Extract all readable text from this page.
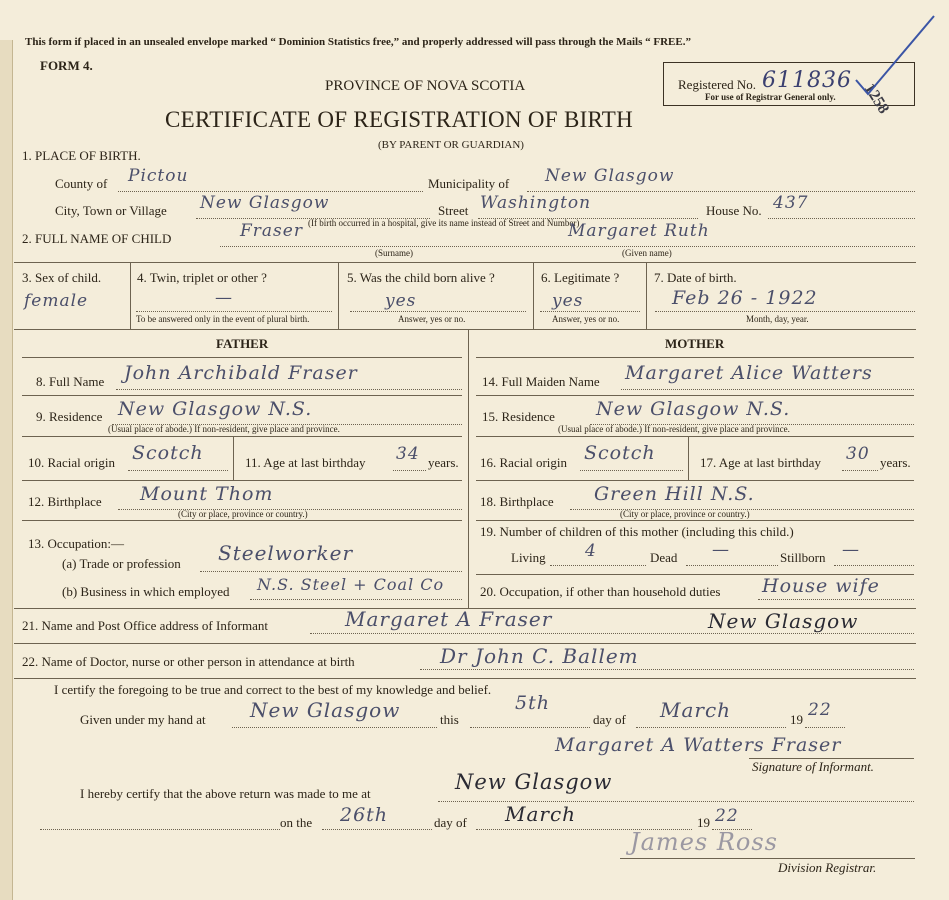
This form if placed in an unsealed envelope marked “ Dominion Statistics free,” and properly addressed will pass through the Mails “ FREE.”
FORM 4.
PROVINCE OF NOVA SCOTIA
CERTIFICATE OF REGISTRATION OF BIRTH
(BY PARENT OR GUARDIAN)
Registered No. 611836
For use of Registrar General only. 1258
1. PLACE OF BIRTH.
County of Pictou	Municipality of New Glasgow
City, Town or Village New Glasgow	Street Washington	House No. 437
(If birth occurred in a hospital, give its name instead of Street and Number)
2. FULL NAME OF CHILD	Fraser	Margaret Ruth
(Surname)	(Given name)
3. Sex of child.
female
4. Twin, triplet or other ?
—
To be answered only in the event of plural birth.
5. Was the child born alive ?
yes
Answer, yes or no.
6. Legitimate ?
yes
Answer, yes or no.
7. Date of birth.
Feb 26 - 1922
Month, day, year.
FATHER	MOTHER
8. Full Name John Archibald Fraser	14. Full Maiden Name Margaret Alice Watters
9. Residence New Glasgow N.S.
(Usual place of abode.) If non-resident, give place and province.
15. Residence New Glasgow N.S.
(Usual place of abode.) If non-resident, give place and province.
10. Racial origin Scotch	11. Age at last birthday 34 years. 16. Racial origin Scotch	17. Age at last birthday 30 years.
12. Birthplace Mount Thom
(City or place, province or country.)
18. Birthplace Green Hill N.S.
(City or place, province or country.)
13. Occupation:—
(a) Trade or profession Steelworker
19. Number of children of this mother (including this child.)
Living 4	Dead —	Stillborn —
(b) Business in which employed N.S. Steel + Coal Co	20. Occupation, if other than household duties House wife
21. Name and Post Office address of Informant	Margaret A Fraser	New Glasgow
22. Name of Doctor, nurse or other person in attendance at birth	Dr John C. Ballem
I certify the foregoing to be true and correct to the best of my knowledge and belief.
Given under my hand at New Glasgow	this
5th
day of March	19 22
Margaret A Watters Fraser
Signature of Informant.
I hereby certify that the above return was made to me at	New Glasgow
on the 26th	day of March	19 22
James Ross
Division Registrar.
